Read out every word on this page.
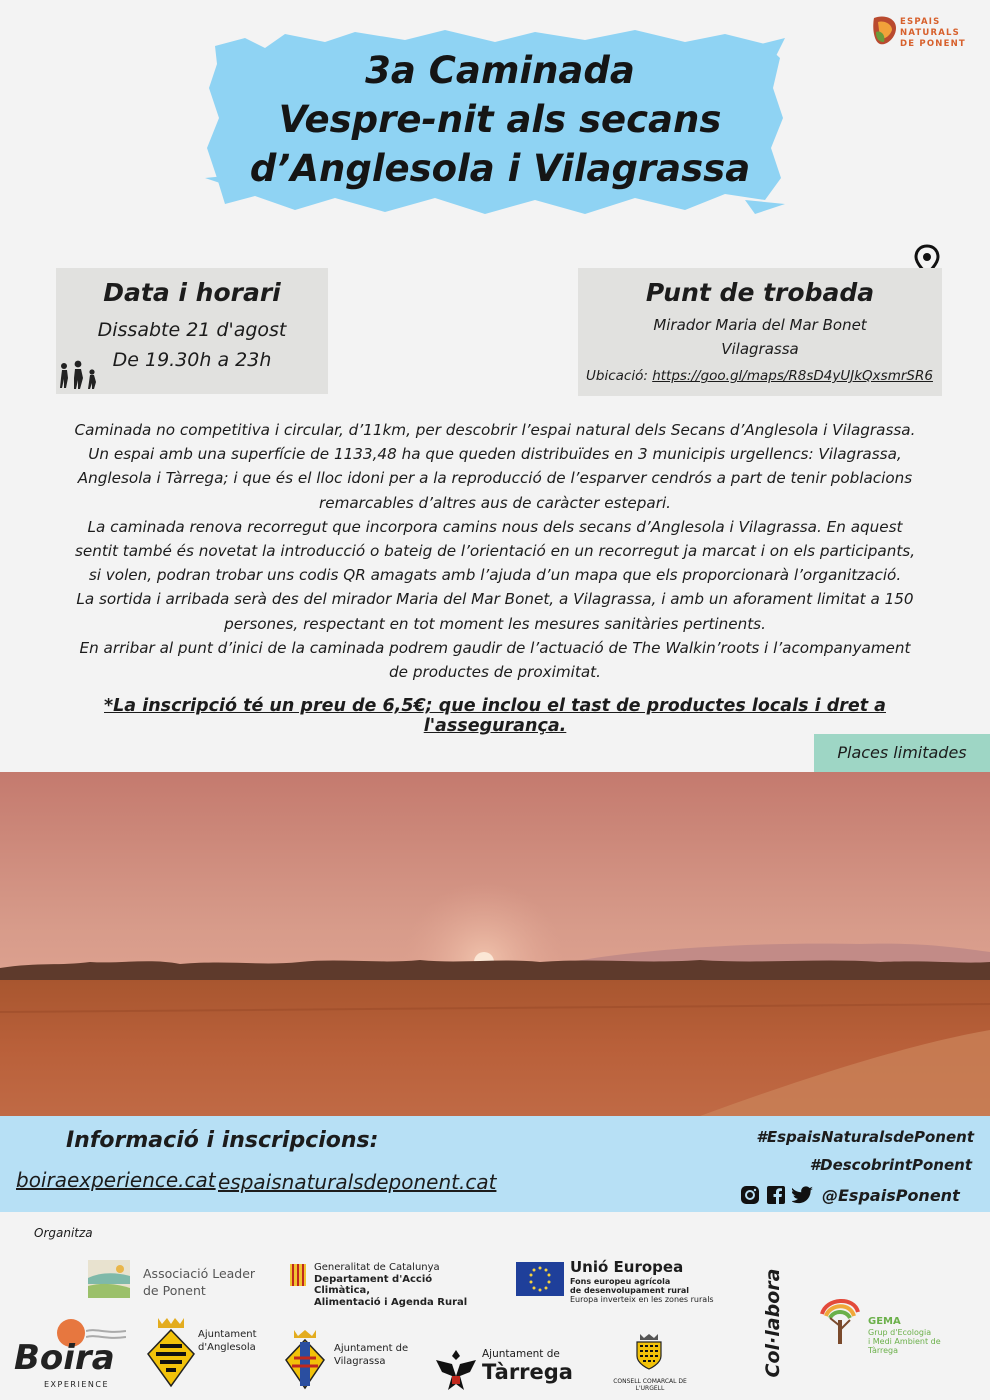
3a Caminada
Vespre-nit als secans
d’Anglesola i Vilagrassa
ESPAIS
NATURALS
DE PONENT
Data i horari
Dissabte 21 d'agost
De 19.30h a 23h
Punt de trobada
Mirador Maria del Mar Bonet
Vilagrassa
Ubicació: https://goo.gl/maps/R8sD4yUJkQxsmrSR6
Caminada no competitiva i circular, d’11km, per descobrir l’espai natural dels Secans d’Anglesola i Vilagrassa.
Un espai amb una superfície de 1133,48 ha que queden distribuïdes en 3 municipis urgellencs: Vilagrassa,
Anglesola i Tàrrega; i que és el lloc idoni per a la reproducció de l’esparver cendrós a part de tenir poblacions
remarcables d’altres aus de caràcter estepari.
La caminada renova recorregut que incorpora camins nous dels secans d’Anglesola i Vilagrassa. En aquest
sentit també és novetat la introducció o bateig de l’orientació en un recorregut ja marcat i on els participants,
si volen, podran trobar uns codis QR amagats amb l’ajuda d’un mapa que els proporcionarà l’organització.
La sortida i arribada serà des del mirador Maria del Mar Bonet, a Vilagrassa, i amb un aforament limitat a 150
persones, respectant en tot moment les mesures sanitàries pertinents.
En arribar al punt d’inici de la caminada podrem gaudir de l’actuació de The Walkin’roots i l’acompanyament
de productes de proximitat.
*La inscripció té un preu de 6,5€; que inclou el tast de productes locals i dret a l'assegurança.
Places limitades
Informació i inscripcions:
boiraexperience.cat espaisnaturalsdeponent.cat
#EspaisNaturalsdePonent
#DescobrintPonent
@EspaisPonent
Organitza
Associació Leader
de Ponent
Generalitat de Catalunya
Departament d'Acció Climàtica,
Alimentació i Agenda Rural
Unió Europea
Fons europeu agrícola
de desenvolupament rural
Europa inverteix en les zones rurals	Col·labora	GEMA
Grup d'Ecologia
i Medi Ambient de Tàrrega
Boira
EXPERIENCE
Ajuntament
d'Anglesola	Ajuntament de
Vilagrassa
Ajuntament de
Tàrrega	CONSELL COMARCAL DE L'URGELL
